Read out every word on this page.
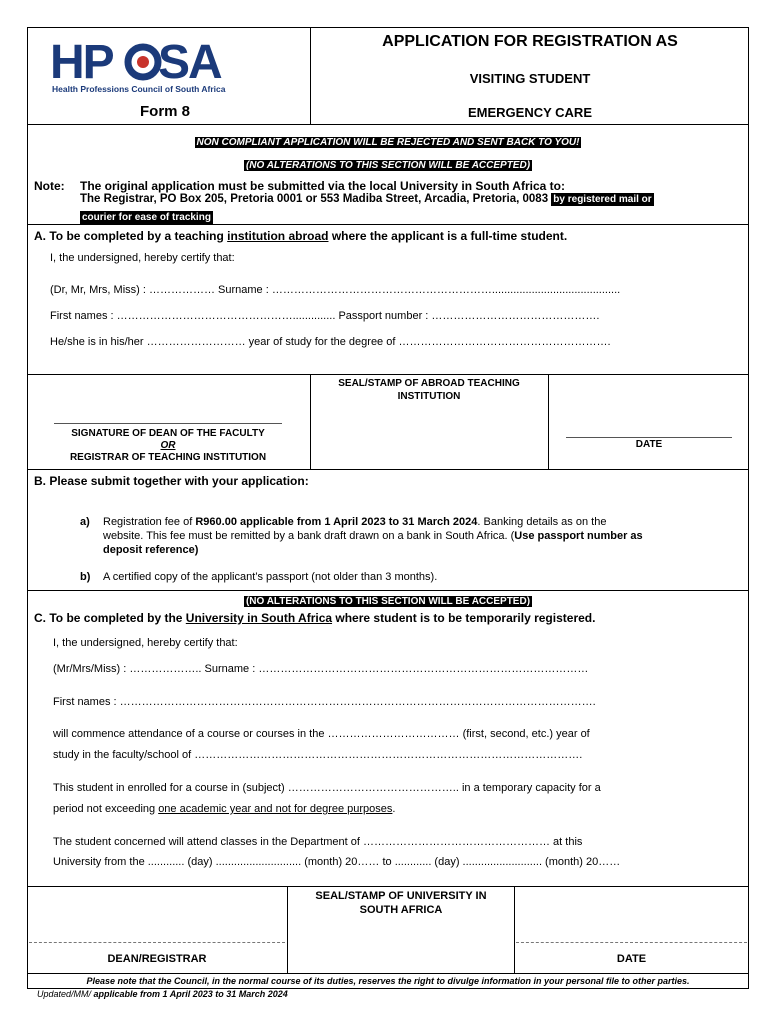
HP SA
Health Professions Council of South Africa
Form 8
APPLICATION FOR REGISTRATION AS
VISITING STUDENT
EMERGENCY CARE
NON COMPLIANT APPLICATION WILL BE REJECTED AND SENT BACK TO YOU!
(NO ALTERATIONS TO THIS SECTION WILL BE ACCEPTED)
Note: The original application must be submitted via the local University in South Africa to:
The Registrar, PO Box 205, Pretoria 0001 or 553 Madiba Street, Arcadia, Pretoria, 0083 by registered mail or
courier for ease of tracking
A. To be completed by a teaching institution abroad where the applicant is a full-time student.
I, the undersigned, hereby certify that:
(Dr, Mr, Mrs, Miss) : ……………… Surname : ……………………………………………………..........................................
First names : ………………………………………….............. Passport number : ……………………………………….
He/she is in his/her ……………………… year of study for the degree of ………………………………………………….
SEAL/STAMP OF ABROAD TEACHING INSTITUTION
SIGNATURE OF DEAN OF THE FACULTY
OR
REGISTRAR OF TEACHING INSTITUTION
DATE
B. Please submit together with your application:
a) Registration fee of R960.00 applicable from 1 April 2023 to 31 March 2024. Banking details as on the
website. This fee must be remitted by a bank draft drawn on a bank in South Africa. (Use passport number as
deposit reference)
b) A certified copy of the applicant’s passport (not older than 3 months).
(NO ALTERATIONS TO THIS SECTION WILL BE ACCEPTED)
C. To be completed by the University in South Africa where student is to be temporarily registered.
I, the undersigned, hereby certify that:
(Mr/Mrs/Miss) : ……………….. Surname : ………………………………………………………………………………
First names : ………………………………………………………………………………………………………………….
will commence attendance of a course or courses in the ……………………………… (first, second, etc.) year of
study in the faculty/school of …………………………………………………………………………………………….
This student in enrolled for a course in (subject) ……………………………………….. in a temporary capacity for a
period not exceeding one academic year and not for degree purposes.
The student concerned will attend classes in the Department of …………………………………………… at this
University from the ............ (day) ............................ (month) 20…… to ............ (day) .......................... (month) 20……
SEAL/STAMP OF UNIVERSITY IN SOUTH AFRICA
DEAN/REGISTRAR	DATE
Please note that the Council, in the normal course of its duties, reserves the right to divulge information in your personal file to other parties.
Updated/MM/ applicable from 1 April 2023 to 31 March 2024
